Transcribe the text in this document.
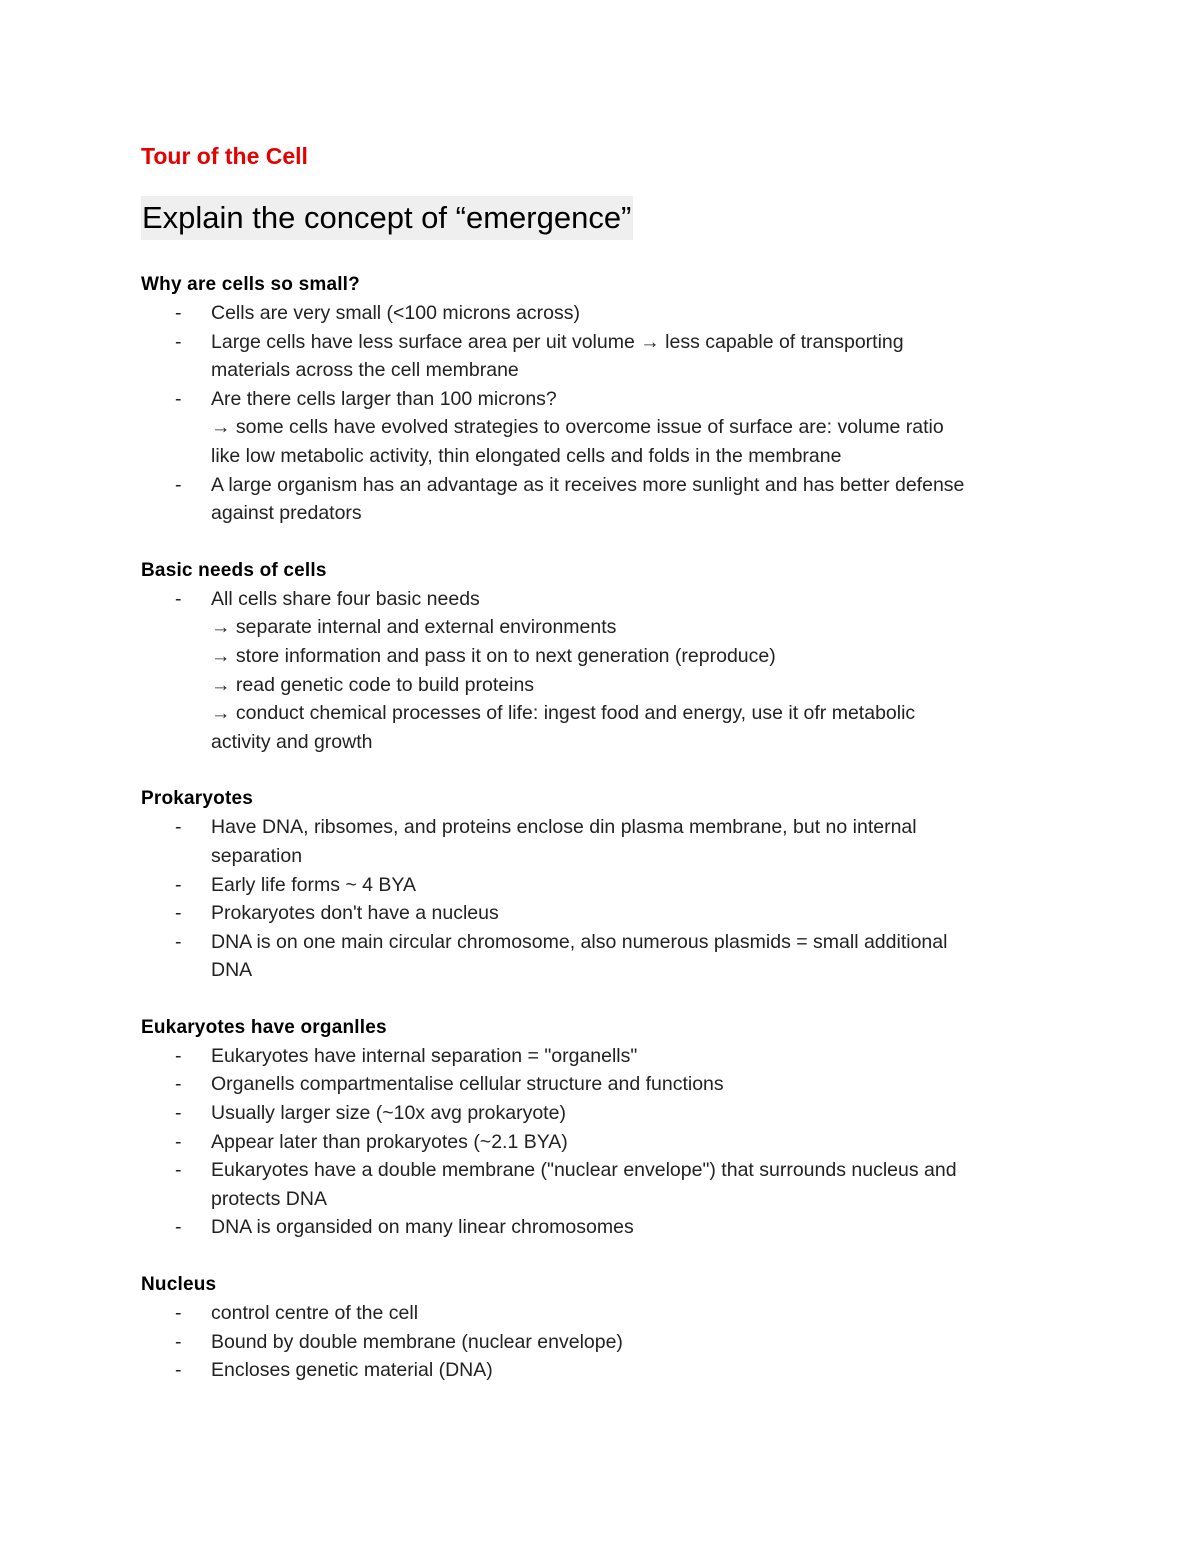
Tour of the Cell
Explain the concept of “emergence”
Why are cells so small?
-	Cells are very small (<100 microns across)
-	Large cells have less surface area per uit volume → less capable of transporting
materials across the cell membrane
-	Are there cells larger than 100 microns?
→ some cells have evolved strategies to overcome issue of surface are: volume ratio
like low metabolic activity, thin elongated cells and folds in the membrane
-	A large organism has an advantage as it receives more sunlight and has better defense
against predators
Basic needs of cells
-	All cells share four basic needs
→ separate internal and external environments
→ store information and pass it on to next generation (reproduce)
→ read genetic code to build proteins
→ conduct chemical processes of life: ingest food and energy, use it ofr metabolic
activity and growth
Prokaryotes
-	Have DNA, ribsomes, and proteins enclose din plasma membrane, but no internal
separation
-	Early life forms ~ 4 BYA
-	Prokaryotes don't have a nucleus
-	DNA is on one main circular chromosome, also numerous plasmids = small additional
DNA
Eukaryotes have organlles
-	Eukaryotes have internal separation = "organells"
-	Organells compartmentalise cellular structure and functions
-	Usually larger size (~10x avg prokaryote)
-	Appear later than prokaryotes (~2.1 BYA)
-	Eukaryotes have a double membrane ("nuclear envelope") that surrounds nucleus and
protects DNA
-	DNA is organsided on many linear chromosomes
Nucleus
-	control centre of the cell
-	Bound by double membrane (nuclear envelope)
-	Encloses genetic material (DNA)
